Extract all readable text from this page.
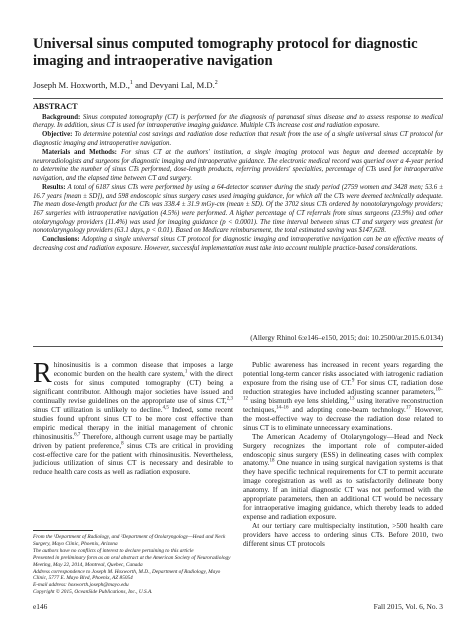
Universal sinus computed tomography protocol for diagnostic imaging and intraoperative navigation
Joseph M. Hoxworth, M.D.,$^1$ and Devyani Lal, M.D.$^2$
ABSTRACT

Background: Sinus computed tomography (CT) is performed for the diagnosis of paranasal sinus disease and to assess response to medical therapy. In addition, sinus CT is used for intraoperative imaging guidance. Multiple CTs increase cost and radiation exposure.

Objective: To determine potential cost savings and radiation dose reduction that result from the use of a single universal sinus CT protocol for diagnostic imaging and intraoperative navigation.

Materials and Methods: For sinus CT at the authors' institution, a single imaging protocol was begun and deemed acceptable by neuroradiologists and surgeons for diagnostic imaging and intraoperative guidance. The electronic medical record was queried over a 4-year period to determine the number of sinus CTs performed, dose-length products, referring providers' specialties, percentage of CTs used for intraoperative navigation, and the elapsed time between CT and surgery.

Results: A total of 6187 sinus CTs were performed by using a 64-detector scanner during the study period (2759 women and 3428 men; 53.6 ± 16.7 years [mean ± SD]), and 598 endoscopic sinus surgery cases used imaging guidance, for which all the CTs were deemed technically adequate. The mean dose-length product for the CTs was 338.4 ± 31.9 mGy-cm (mean ± SD). Of the 3702 sinus CTs ordered by nonotolaryngology providers; 167 surgeries with intraoperative navigation (4.5%) were performed. A higher percentage of CT referrals from sinus surgeons (23.9%) and other otolaryngology providers (11.4%) was used for imaging guidance (p < 0.0001). The time interval between sinus CT and surgery was greatest for nonotolaryngology providers (63.1 days, p < 0.01). Based on Medicare reimbursement, the total estimated saving was $147,628.

Conclusions: Adopting a single universal sinus CT protocol for diagnostic imaging and intraoperative navigation can be an effective means of decreasing cost and radiation exposure. However, successful implementation must take into account multiple practice-based considerations.

(Allergy Rhinol 6:e146–e150, 2015; doi: 10.2500/ar.2015.6.0134)

Rhinosinusitis is a common disease that imposes a large economic burden on the health care system,$^1$ with the direct costs for sinus computed tomography (CT) being a significant contributor. Although major societies have issued and continually revise guidelines on the appropriate use of sinus CT,$^{2,3}$ sinus CT utilization is unlikely to decline.$^{4,5}$ Indeed, some recent studies found upfront sinus CT to be more cost effective than empiric medical therapy in the initial management of chronic rhinosinusitis.$^{6,7}$ Therefore, although current usage may be partially driven by patient preference,$^8$ sinus CTs are critical in providing cost-effective care for the patient with rhinosinusitis. Nevertheless, judicious utilization of sinus CT is necessary and desirable to reduce health care costs as well as radiation exposure.

Public awareness has increased in recent years regarding the potential long-term cancer risks associated with iatrogenic radiation exposure from the rising use of CT.$^9$ For sinus CT, radiation dose reduction strategies have included adjusting scanner parameters,$^{10-12}$ using bismuth eye lens shielding,$^{13}$ using iterative reconstruction techniques,$^{14-16}$ and adopting cone-beam technology.$^{17}$ However, the most-effective way to decrease the radiation dose related to sinus CT is to eliminate unnecessary examinations.

The American Academy of Otolaryngology—Head and Neck Surgery recognizes the important role of computer-aided endoscopic sinus surgery (ESS) in delineating cases with complex anatomy.$^{18}$ One nuance in using surgical navigation systems is that they have specific technical requirements for CT to permit accurate image coregistration as well as to satisfactorily delineate bony anatomy. If an initial diagnostic CT was not performed with the appropriate parameters, then an additional CT would be necessary for intraoperative imaging guidance, which thereby leads to added expense and radiation exposure.

At our tertiary care multispecialty institution, >500 health care providers have access to ordering sinus CTs. Before 2010, two different sinus CT protocols

From the ¹Department of Radiology, and ²Department of Otolaryngology—Head and Neck Surgery, Mayo Clinic, Phoenix, Arizona
The authors have no conflicts of interest to declare pertaining to this article
Presented in preliminary form as an oral abstract at the American Society of Neuroradiology Meeting, May 22, 2014, Montreal, Quebec, Canada
Address correspondence to Joseph M. Hoxworth, M.D., Department of Radiology, Mayo Clinic, 5777 E. Mayo Blvd, Phoenix, AZ 85054
E-mail address: hoxworth.joseph@mayo.edu
Copyright © 2015, OceanSide Publications, Inc., U.S.A.
e146	Fall 2015, Vol. 6, No. 3
